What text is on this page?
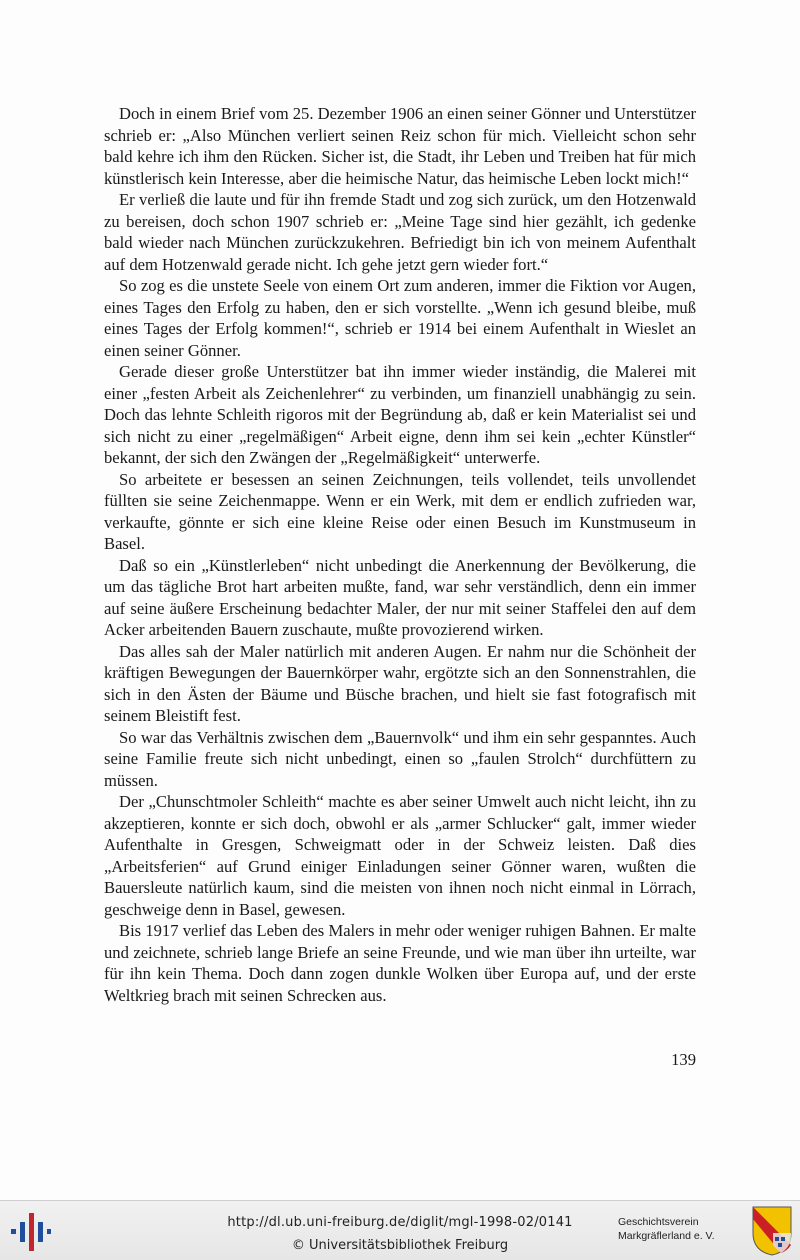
Doch in einem Brief vom 25. Dezember 1906 an einen seiner Gönner und Unterstützer schrieb er: „Also München verliert seinen Reiz schon für mich. Vielleicht schon sehr bald kehre ich ihm den Rücken. Sicher ist, die Stadt, ihr Leben und Treiben hat für mich künstlerisch kein Interesse, aber die heimische Natur, das heimische Leben lockt mich!“

Er verließ die laute und für ihn fremde Stadt und zog sich zurück, um den Hotzenwald zu bereisen, doch schon 1907 schrieb er: „Meine Tage sind hier gezählt, ich gedenke bald wieder nach München zurückzukehren. Befriedigt bin ich von meinem Aufenthalt auf dem Hotzenwald gerade nicht. Ich gehe jetzt gern wieder fort.“

So zog es die unstete Seele von einem Ort zum anderen, immer die Fiktion vor Augen, eines Tages den Erfolg zu haben, den er sich vorstellte. „Wenn ich gesund bleibe, muß eines Tages der Erfolg kommen!“, schrieb er 1914 bei einem Aufenthalt in Wieslet an einen seiner Gönner.

Gerade dieser große Unterstützer bat ihn immer wieder inständig, die Malerei mit einer „festen Arbeit als Zeichenlehrer“ zu verbinden, um finanziell unabhängig zu sein. Doch das lehnte Schleith rigoros mit der Begründung ab, daß er kein Materialist sei und sich nicht zu einer „regelmäßigen“ Arbeit eigne, denn ihm sei kein „echter Künstler“ bekannt, der sich den Zwängen der „Regelmäßigkeit“ unterwerfe.

So arbeitete er besessen an seinen Zeichnungen, teils vollendet, teils unvollendet füllten sie seine Zeichenmappe. Wenn er ein Werk, mit dem er endlich zufrieden war, verkaufte, gönnte er sich eine kleine Reise oder einen Besuch im Kunstmuseum in Basel.

Daß so ein „Künstlerleben“ nicht unbedingt die Anerkennung der Bevölkerung, die um das tägliche Brot hart arbeiten mußte, fand, war sehr verständlich, denn ein immer auf seine äußere Erscheinung bedachter Maler, der nur mit seiner Staffelei den auf dem Acker arbeitenden Bauern zuschaute, mußte provozierend wirken.

Das alles sah der Maler natürlich mit anderen Augen. Er nahm nur die Schönheit der kräftigen Bewegungen der Bauernkörper wahr, ergötzte sich an den Sonnenstrahlen, die sich in den Ästen der Bäume und Büsche brachen, und hielt sie fast fotografisch mit seinem Bleistift fest.

So war das Verhältnis zwischen dem „Bauernvolk“ und ihm ein sehr gespanntes. Auch seine Familie freute sich nicht unbedingt, einen so „faulen Strolch“ durchfüttern zu müssen.

Der „Chunschtmoler Schleith“ machte es aber seiner Umwelt auch nicht leicht, ihn zu akzeptieren, konnte er sich doch, obwohl er als „armer Schlucker“ galt, immer wieder Aufenthalte in Gresgen, Schweigmatt oder in der Schweiz leisten. Daß dies „Arbeitsferien“ auf Grund einiger Einladungen seiner Gönner waren, wußten die Bauersleute natürlich kaum, sind die meisten von ihnen noch nicht einmal in Lörrach, geschweige denn in Basel, gewesen.

Bis 1917 verlief das Leben des Malers in mehr oder weniger ruhigen Bahnen. Er malte und zeichnete, schrieb lange Briefe an seine Freunde, und wie man über ihn urteilte, war für ihn kein Thema. Doch dann zogen dunkle Wolken über Europa auf, und der erste Weltkrieg brach mit seinen Schrecken aus.

139
http://dl.ub.uni-freiburg.de/diglit/mgl-1998-02/0141
© Universitätsbibliothek Freiburg
Geschichtsverein
Markgräflerland e. V.
